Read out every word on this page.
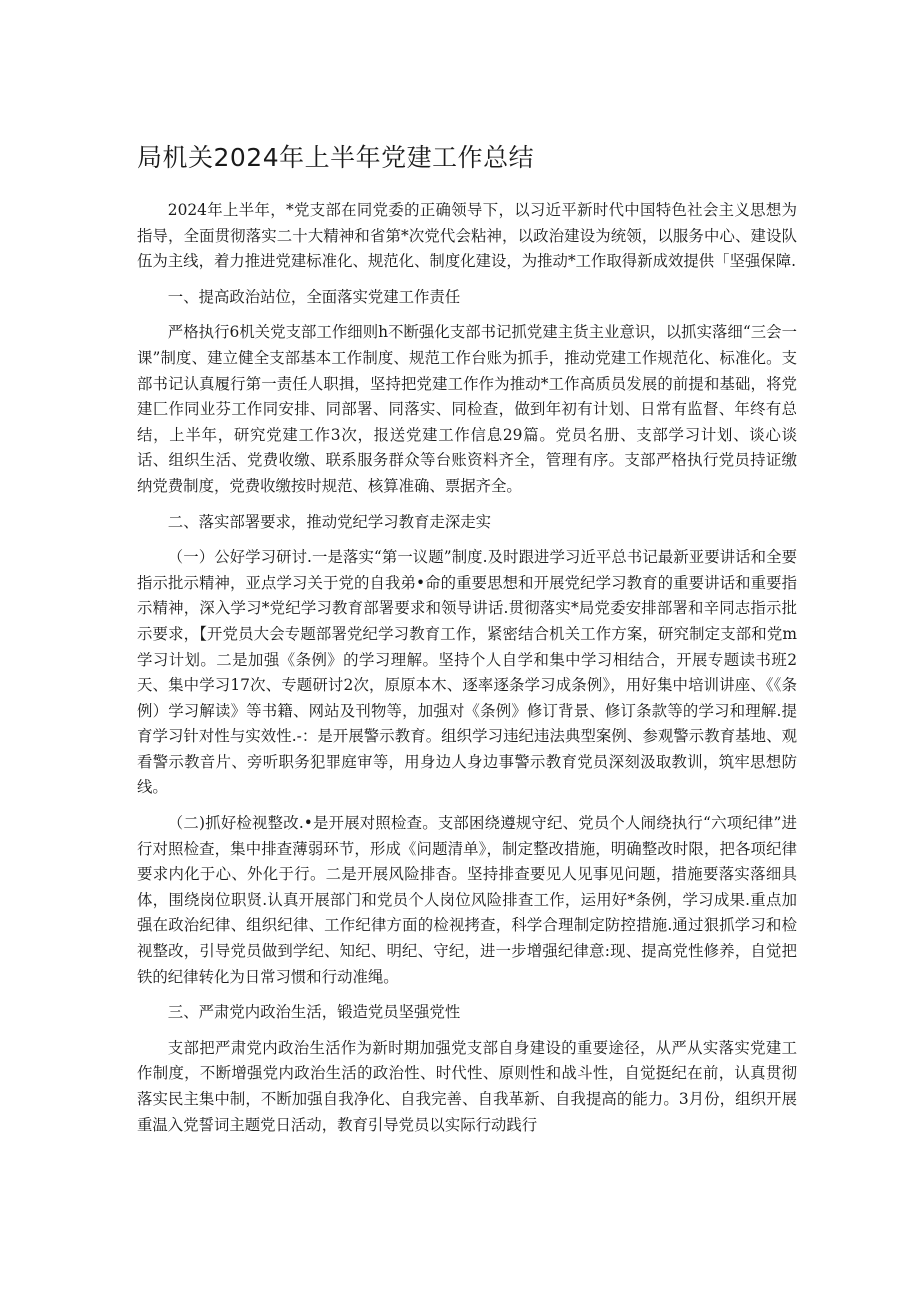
局机关2024年上半年党建工作总结

2024年上半年，*党支部在同党委的正确领导下，以习近平新时代中国特色社会主义思想为指导，全面贯彻落实二十大精神和省第*次党代会粘神，以政治建设为统领，以服务中心、建设队伍为主线，着力推进党建标准化、规范化、制度化建设，为推动*工作取得新成效提供「坚强保障.

一、提高政治站位，全面落实党建工作责任

严格执行6机关党支部工作细则h不断强化支部书记抓党建主货主业意识，以抓实落细“三会一课”制度、建立健全支部基本工作制度、规范工作台账为抓手，推动党建工作规范化、标准化。支部书记认真履行第一责任人职揖，坚持把党建工作作为推动*工作高质员发展的前提和基础，将党建匚作同业芬工作同安排、同部署、同落实、同检查，做到年初有计划、日常有监督、年终有总结，上半年，研究党建工作3次，报送党建工作信息29篇。党员名册、支部学习计划、谈心谈话、组织生活、党费收缴、联系服务群众等台账资料齐全，管理有序。支部严格执行党员持证缴纳党费制度，党费收缴按时规范、核算准确、票据齐全。

二、落实部署要求，推动党纪学习教育走深走实

（一）公好学习研讨.一是落实“第一议题”制度.及时跟进学习近平总书记最新亚要讲话和全要指示批示精神，亚点学习关于党的自我弟•命的重要思想和开展党纪学习教育的重要讲话和重要指示精神，深入学习*党纪学习教育部署要求和领导讲话.贯彻落实*局党委安排部署和辛同志指示批示要求，【开党员大会专题部署党纪学习教育工作，紧密结合机关工作方案，研究制定支部和党m学习计划。二是加强《条例》的学习理解。坚持个人自学和集中学习相结合，开展专题读书班2天、集中学习17次、专题研讨2次，原原本木、逐率逐条学习成条例》，用好集中培训讲座、《《条例）学习解读》等书籍、网站及刊物等，加强对《条例》修订背景、修订条款等的学习和理解.提育学习针对性与实效性.-：是开展警示教育。组织学习违纪违法典型案例、参观警示教育基地、观看警示教音片、旁听职务犯罪庭审等，用身边人身边事警示教育党员深刻汲取教训，筑牢思想防线。

（二)抓好检视整改.•是开展对照检查。支部困绕遵规守纪、党员个人闹绕执行“六项纪律”进行对照检查，集中排查薄弱环节，形成《问题清单》，制定整改措施，明确整改时限，把各项纪律要求内化于心、外化于行。二是开展风险排杳。坚持排查要见人见事见问题，措施要落实落细具体，围绕岗位职贤.认真开展部门和党员个人岗位风险排查工作，运用好*条例，学习成果.重点加强在政治纪律、组织纪律、工作纪律方面的检视拷查，科学合理制定防控措施.通过狠抓学习和检视整改，引导党员做到学纪、知纪、明纪、守纪，进一步增强纪律意:现、提高党性修养，自觉把铁的纪律转化为日常习惯和行动准绳。

三、严肃党内政治生活，锻造党员坚强党性

支部把严肃党内政治生活作为新时期加强党支部自身建设的重要途径，从严从实落实党建工作制度，不断增强党内政治生活的政治性、时代性、原则性和战斗性，自觉挺纪在前，认真贯彻落实民主集中制，不断加强自我净化、自我完善、自我革新、自我提高的能力。3月份，组织开展重温入党誓词主题党日活动，教育引导党员以实际行动践行
